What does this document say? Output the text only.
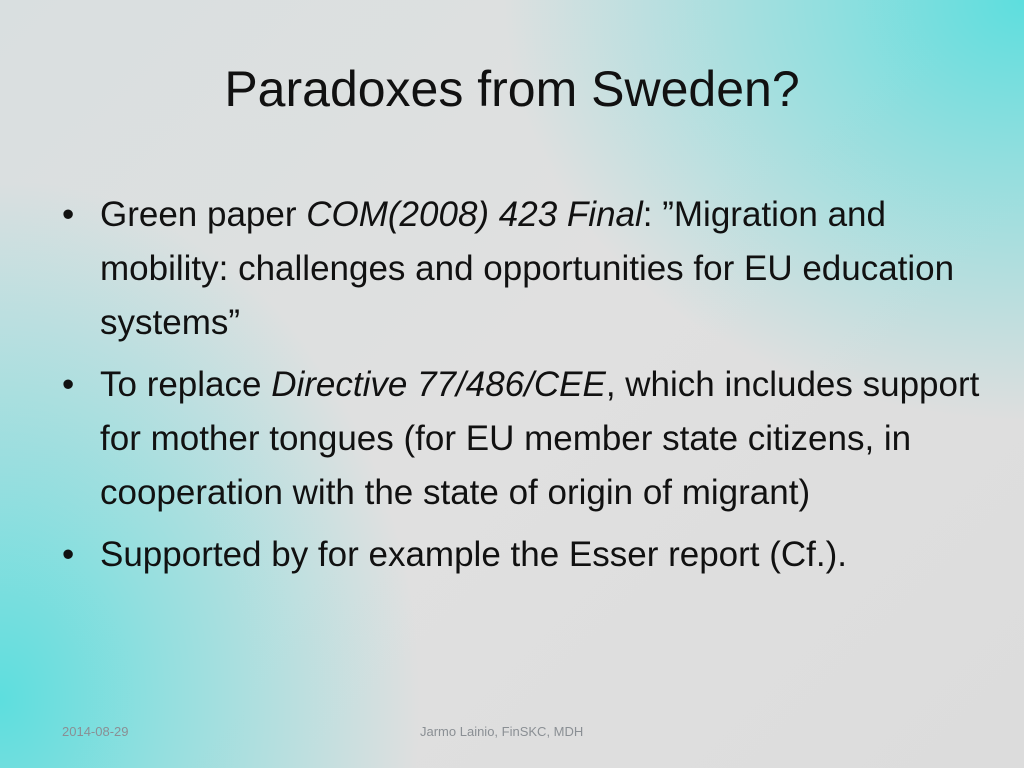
Paradoxes from Sweden?
• Green paper COM(2008) 423 Final: ”Migration and mobility: challenges and opportunities for EU education systems”
• To replace Directive 77/486/CEE, which includes support for mother tongues (for EU member state citizens, in cooperation with the state of origin of migrant)
• Supported by for example the Esser report (Cf.).
2014-08-29	Jarmo Lainio, FinSKC, MDH
